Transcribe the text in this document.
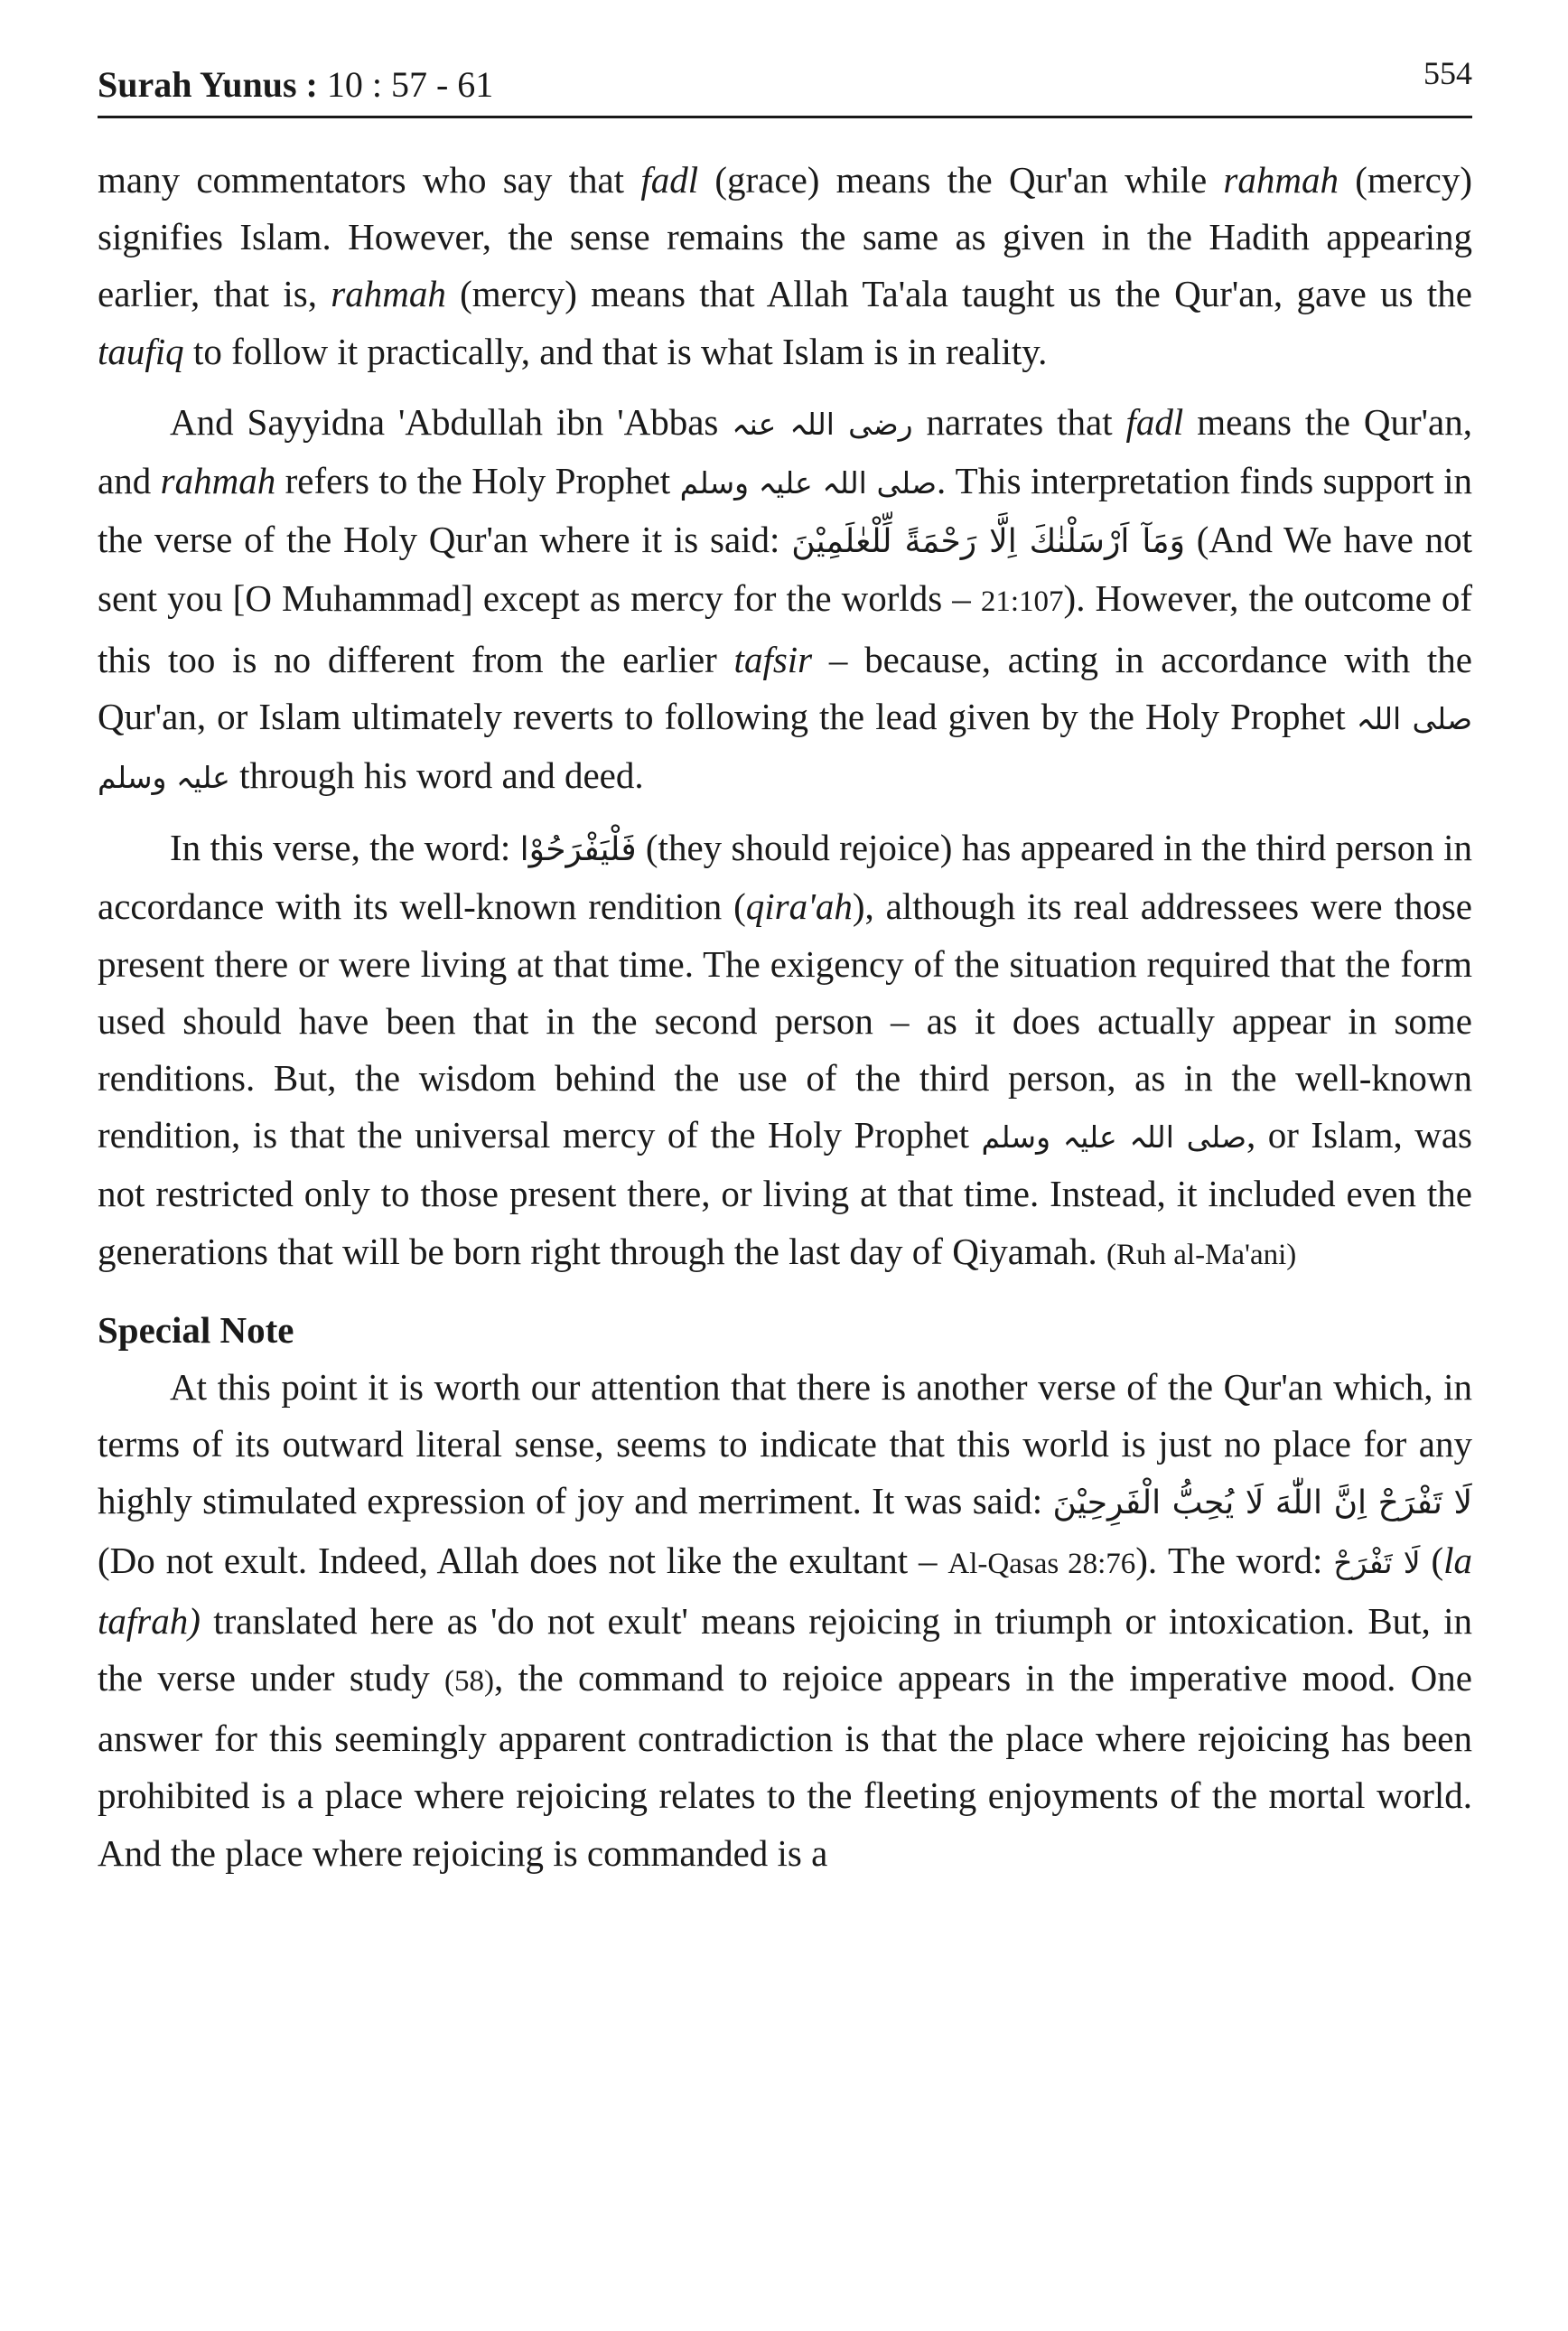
Surah Yunus : 10 : 57 - 61	554

many commentators who say that fadl (grace) means the Qur'an while rahmah (mercy) signifies Islam. However, the sense remains the same as given in the Hadith appearing earlier, that is, rahmah (mercy) means that Allah Ta'ala taught us the Qur'an, gave us the taufiq to follow it practically, and that is what Islam is in reality.

And Sayyidna 'Abdullah ibn 'Abbas رضی اللہ عنہ narrates that fadl means the Qur'an, and rahmah refers to the Holy Prophet صلی اللہ علیہ وسلم. This interpretation finds support in the verse of the Holy Qur'an where it is said: وَمَآ اَرْسَلْنٰكَ اِلَّا رَحْمَةً لِّلْعٰلَمِيْنَ (And We have not sent you [O Muhammad] except as mercy for the worlds – 21:107). However, the outcome of this too is no different from the earlier tafsir – because, acting in accordance with the Qur'an, or Islam ultimately reverts to following the lead given by the Holy Prophet صلی اللہ علیہ وسلم through his word and deed.

In this verse, the word: فَلْيَفْرَحُوْا (they should rejoice) has appeared in the third person in accordance with its well-known rendition (qira'ah), although its real addressees were those present there or were living at that time. The exigency of the situation required that the form used should have been that in the second person – as it does actually appear in some renditions. But, the wisdom behind the use of the third person, as in the well-known rendition, is that the universal mercy of the Holy Prophet صلی اللہ علیہ وسلم, or Islam, was not restricted only to those present there, or living at that time. Instead, it included even the generations that will be born right through the last day of Qiyamah. (Ruh al-Ma'ani)

Special Note

At this point it is worth our attention that there is another verse of the Qur'an which, in terms of its outward literal sense, seems to indicate that this world is just no place for any highly stimulated expression of joy and merriment. It was said: لَا تَفْرَحْ اِنَّ اللّٰهَ لَا يُحِبُّ الْفَرِحِيْنَ (Do not exult. Indeed, Allah does not like the exultant – Al-Qasas 28:76). The word: لَا تَفْرَحْ (la tafrah) translated here as 'do not exult' means rejoicing in triumph or intoxication. But, in the verse under study (58), the command to rejoice appears in the imperative mood. One answer for this seemingly apparent contradiction is that the place where rejoicing has been prohibited is a place where rejoicing relates to the fleeting enjoyments of the mortal world. And the place where rejoicing is commanded is a
